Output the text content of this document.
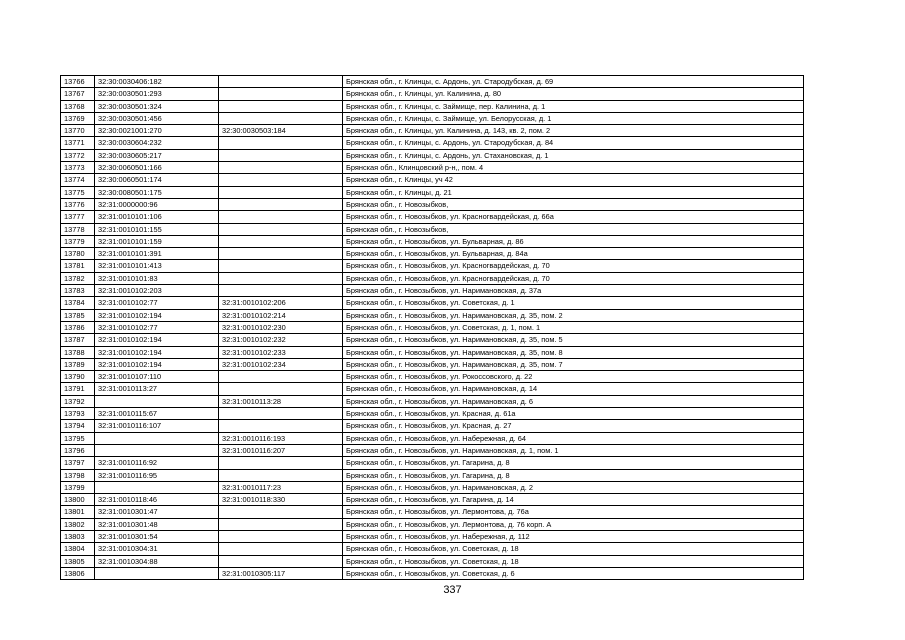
13766	32:30:0030406:182		Брянская обл., г. Клинцы, с. Ардонь, ул. Стародубская, д. 69
13767	32:30:0030501:293		Брянская обл., г. Клинцы, ул. Калинина, д. 80
13768	32:30:0030501:324		Брянская обл., г. Клинцы, с. Займище, пер. Калинина, д. 1
13769	32:30:0030501:456		Брянская обл., г. Клинцы, с. Займище, ул. Белорусская, д. 1
13770	32:30:0021001:270	32:30:0030503:184	Брянская обл., г. Клинцы, ул. Калинина, д. 143, кв. 2, пом. 2
13771	32:30:0030604:232		Брянская обл., г. Клинцы, с. Ардонь, ул. Стародубская, д. 84
13772	32:30:0030605:217		Брянская обл., г. Клинцы, с. Ардонь, ул. Стахановская, д. 1
13773	32:30:0060501:166		Брянская обл., Клинцовский р-н,, пом. 4
13774	32:30:0060501:174		Брянская обл., г. Клинцы, уч 42
13775	32:30:0080501:175		Брянская обл., г. Клинцы, д. 21
13776	32:31:0000000:96		Брянская обл., г. Новозыбков,
13777	32:31:0010101:106		Брянская обл., г. Новозыбков, ул. Красногвардейская, д. 66а
13778	32:31:0010101:155		Брянская обл., г. Новозыбков,
13779	32:31:0010101:159		Брянская обл., г. Новозыбков, ул. Бульварная, д. 86
13780	32:31:0010101:391		Брянская обл., г. Новозыбков, ул. Бульварная, д. 84а
13781	32:31:0010101:413		Брянская обл., г. Новозыбков, ул. Красногвардейская, д. 70
13782	32:31:0010101:83		Брянская обл., г. Новозыбков, ул. Красногвардейская, д. 70
13783	32:31:0010102:203		Брянская обл., г. Новозыбков, ул. Наримановская, д. 37а
13784	32:31:0010102:77	32:31:0010102:206	Брянская обл., г. Новозыбков, ул. Советская, д. 1
13785	32:31:0010102:194	32:31:0010102:214	Брянская обл., г. Новозыбков, ул. Наримановская, д. 35, пом. 2
13786	32:31:0010102:77	32:31:0010102:230	Брянская обл., г. Новозыбков, ул. Советская, д. 1, пом. 1
13787	32:31:0010102:194	32:31:0010102:232	Брянская обл., г. Новозыбков, ул. Наримановская, д. 35, пом. 5
13788	32:31:0010102:194	32:31:0010102:233	Брянская обл., г. Новозыбков, ул. Наримановская, д. 35, пом. 8
13789	32:31:0010102:194	32:31:0010102:234	Брянская обл., г. Новозыбков, ул. Наримановская, д. 35, пом. 7
13790	32:31:0010107:110		Брянская обл., г. Новозыбков, ул. Рокоссовского, д. 22
13791	32:31:0010113:27		Брянская обл., г. Новозыбков, ул. Наримановская, д. 14
13792		32:31:0010113:28	Брянская обл., г. Новозыбков, ул. Наримановская, д. 6
13793	32:31:0010115:67		Брянская обл., г. Новозыбков, ул. Красная, д. 61а
13794	32:31:0010116:107		Брянская обл., г. Новозыбков, ул. Красная, д. 27
13795		32:31:0010116:193	Брянская обл., г. Новозыбков, ул. Набережная, д. 64
13796		32:31:0010116:207	Брянская обл., г. Новозыбков, ул. Наримановская, д. 1, пом. 1
13797	32:31:0010116:92		Брянская обл., г. Новозыбков, ул. Гагарина, д. 8
13798	32:31:0010116:95		Брянская обл., г. Новозыбков, ул. Гагарина, д. 8
13799		32:31:0010117:23	Брянская обл., г. Новозыбков, ул. Наримановская, д. 2
13800	32:31:0010118:46	32:31:0010118:330	Брянская обл., г. Новозыбков, ул. Гагарина, д. 14
13801	32:31:0010301:47		Брянская обл., г. Новозыбков, ул. Лермонтова, д. 76а
13802	32:31:0010301:48		Брянская обл., г. Новозыбков, ул. Лермонтова, д. 76 корп. А
13803	32:31:0010301:54		Брянская обл., г. Новозыбков, ул. Набережная, д. 112
13804	32:31:0010304:31		Брянская обл., г. Новозыбков, ул. Советская, д. 18
13805	32:31:0010304:88		Брянская обл., г. Новозыбков, ул. Советская, д. 18
13806		32:31:0010305:117	Брянская обл., г. Новозыбков, ул. Советская, д. 6
337
